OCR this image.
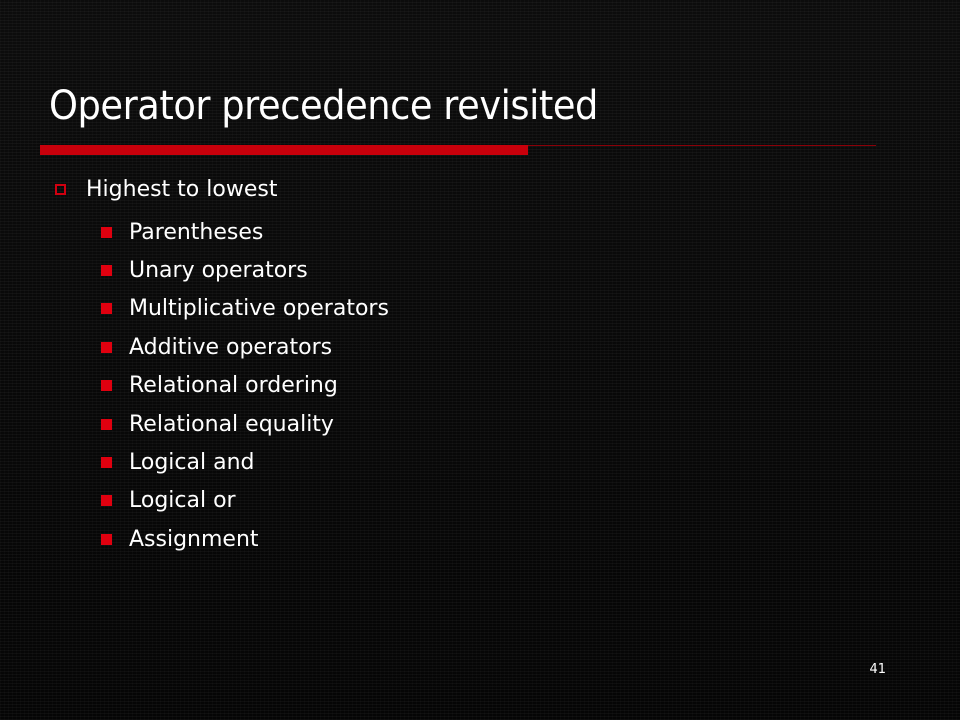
Operator precedence revisited
Highest to lowest
Parentheses
Unary operators
Multiplicative operators
Additive operators
Relational ordering
Relational equality
Logical and
Logical or
Assignment
41
